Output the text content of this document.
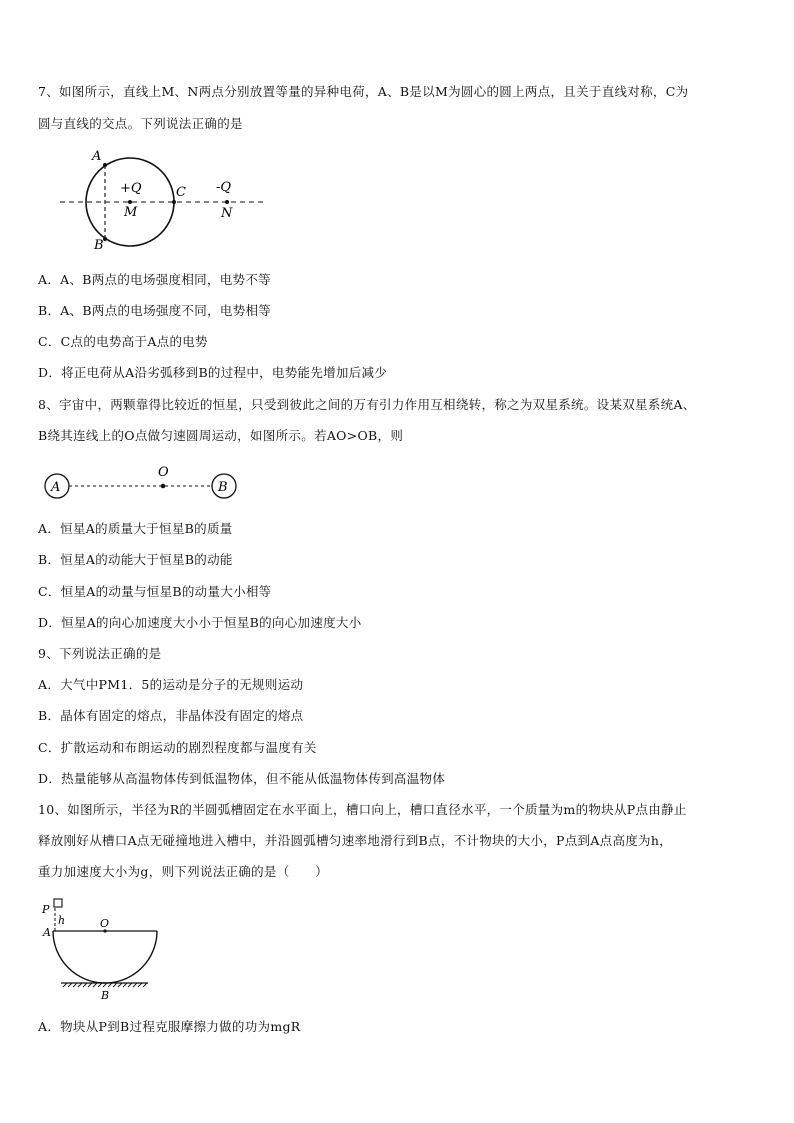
7、如图所示，直线上M、N两点分别放置等量的异种电荷，A、B是以M为圆心的圆上两点，且关于直线对称，C为
圆与直线的交点。下列说法正确的是
A
B
C
+Q
M
-Q
N
A．A、B两点的电场强度相同，电势不等
B．A、B两点的电场强度不同，电势相等
C．C点的电势高于A点的电势
D．将正电荷从A沿劣弧移到B的过程中，电势能先增加后减少
8、宇宙中，两颗靠得比较近的恒星，只受到彼此之间的万有引力作用互相绕转，称之为双星系统。设某双星系统A、
B绕其连线上的O点做匀速圆周运动，如图所示。若AO>OB，则
A
O
B
A．恒星A的质量大于恒星B的质量
B．恒星A的动能大于恒星B的动能
C．恒星A的动量与恒星B的动量大小相等
D．恒星A的向心加速度大小小于恒星B的向心加速度大小
9、下列说法正确的是
A．大气中PM1．5的运动是分子的无规则运动
B．晶体有固定的熔点，非晶体没有固定的熔点
C．扩散运动和布朗运动的剧烈程度都与温度有关
D．热量能够从高温物体传到低温物体，但不能从低温物体传到高温物体
10、如图所示，半径为R的半圆弧槽固定在水平面上，槽口向上，槽口直径水平，一个质量为m的物块从P点由静止
释放刚好从槽口A点无碰撞地进入槽中，并沿圆弧槽匀速率地滑行到B点，不计物块的大小，P点到A点高度为h，
重力加速度大小为g，则下列说法正确的是（　　）
P
h	O
A
B
A．物块从P到B过程克服摩擦力做的功为mgR
